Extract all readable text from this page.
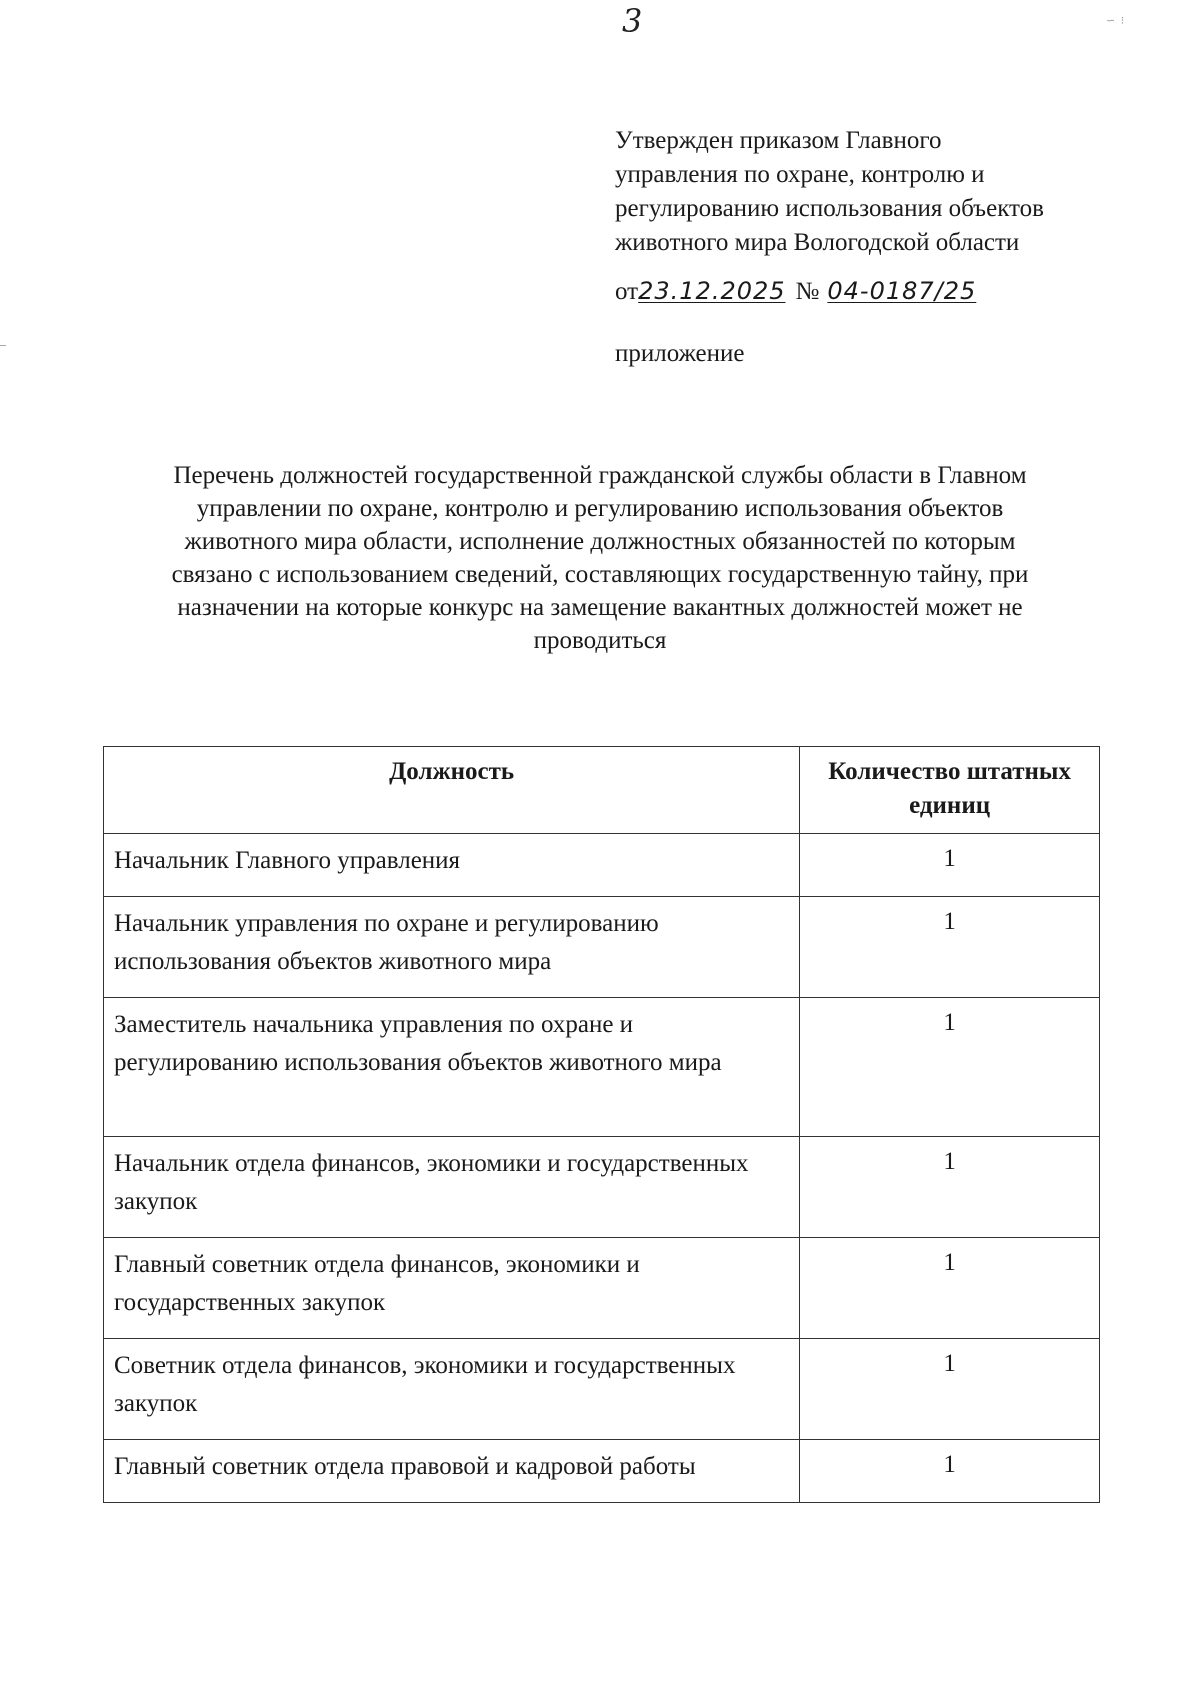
3	∽ ⁝
Утвержден приказом Главного
управления по охране, контролю и
регулированию использования объектов
животного мира Вологодской области
от 23.12.2025 № 04-0187/25
приложение
Перечень должностей государственной гражданской службы области в Главном
управлении по охране, контролю и регулированию использования объектов
животного мира области, исполнение должностных обязанностей по которым
связано с использованием сведений, составляющих государственную тайну, при
назначении на которые конкурс на замещение вакантных должностей может не
проводиться
Должность	Количество штатных
единиц
Начальник Главного управления	1
Начальник управления по охране и регулированию использования объектов животного мира	1
Заместитель начальника управления по охране и регулированию использования объектов животного мира	1
Начальник отдела финансов, экономики и государственных закупок	1
Главный советник отдела финансов, экономики и государственных закупок	1
Советник отдела финансов, экономики и государственных закупок	1
Главный советник отдела правовой и кадровой работы	1
